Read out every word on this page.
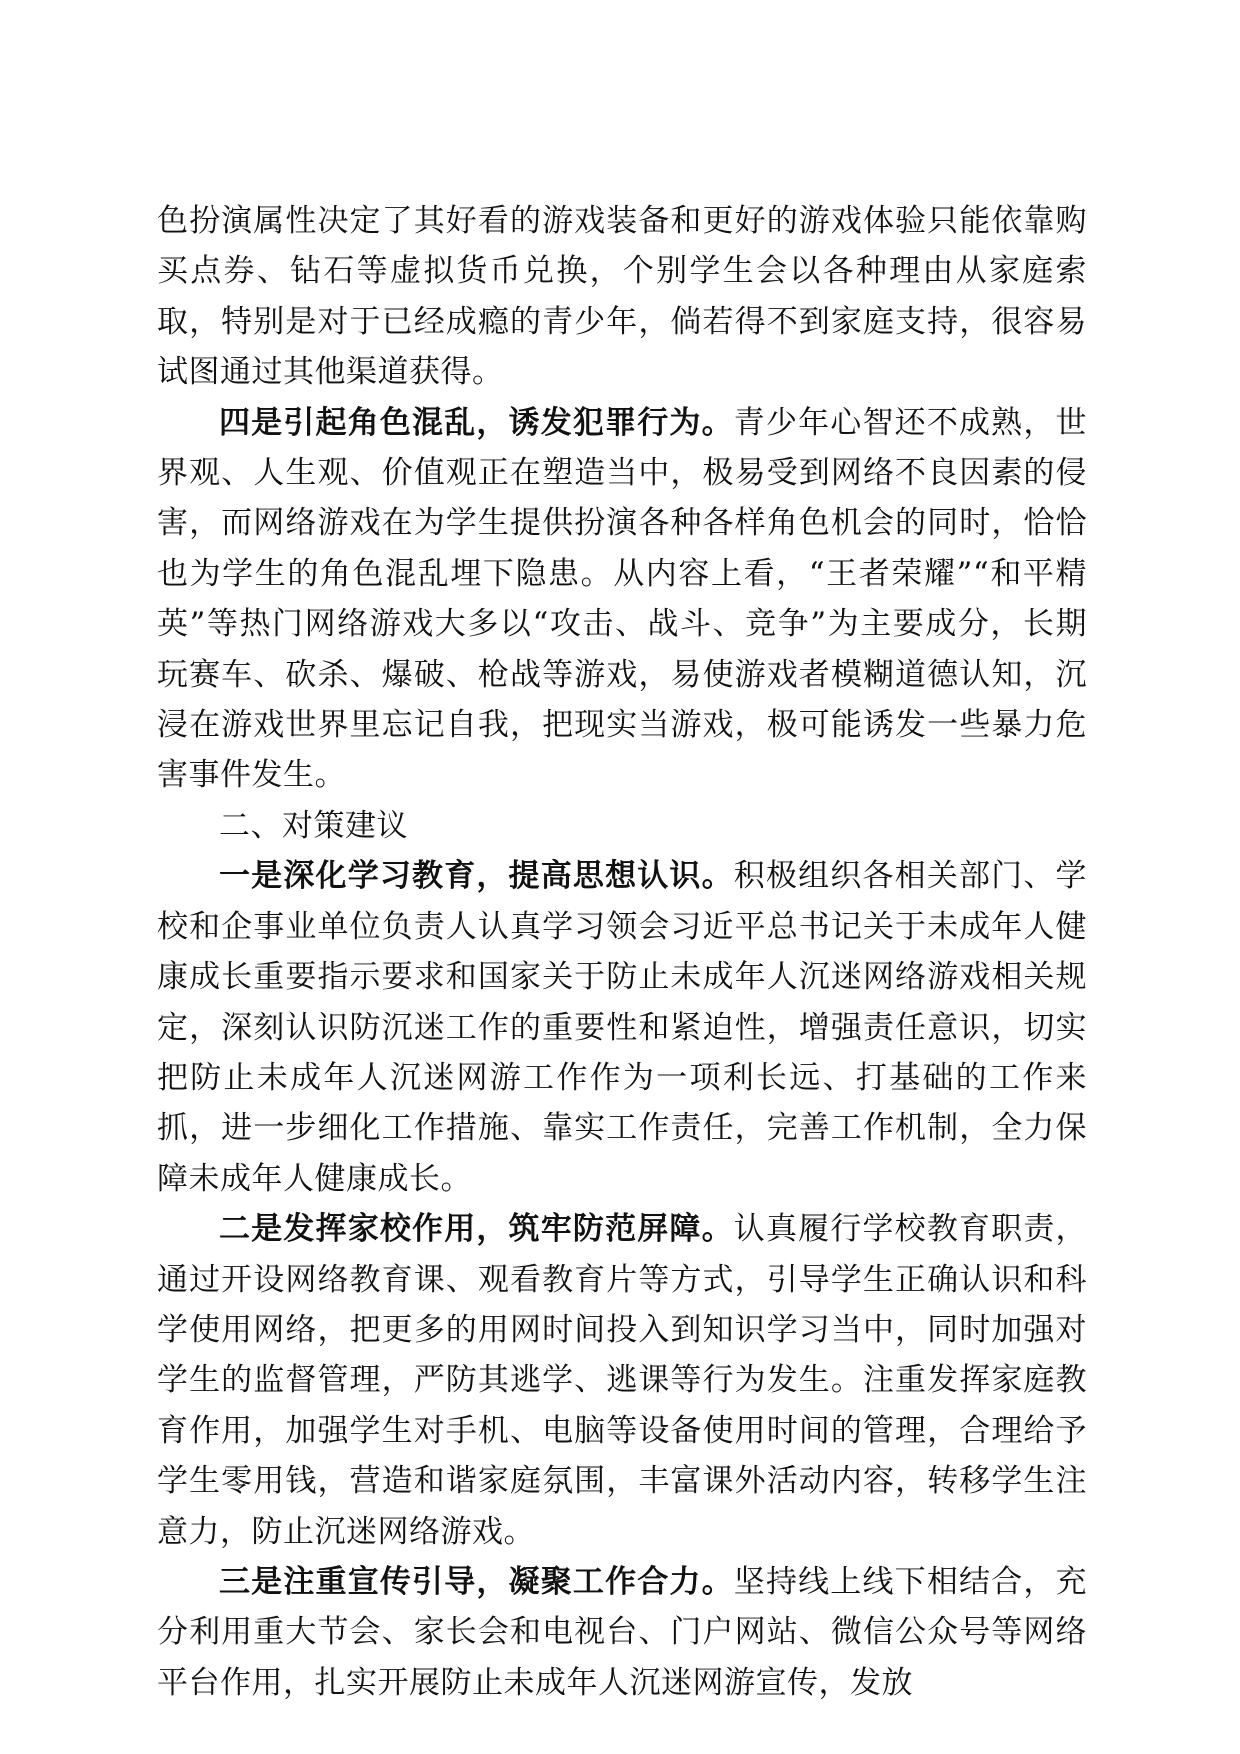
色扮演属性决定了其好看的游戏装备和更好的游戏体验只能依靠购买点券、钻石等虚拟货币兑换，个别学生会以各种理由从家庭索取，特别是对于已经成瘾的青少年，倘若得不到家庭支持，很容易试图通过其他渠道获得。

四是引起角色混乱，诱发犯罪行为。青少年心智还不成熟，世界观、人生观、价值观正在塑造当中，极易受到网络不良因素的侵害，而网络游戏在为学生提供扮演各种各样角色机会的同时，恰恰也为学生的角色混乱埋下隐患。从内容上看，“王者荣耀”“和平精英”等热门网络游戏大多以“攻击、战斗、竞争”为主要成分，长期玩赛车、砍杀、爆破、枪战等游戏，易使游戏者模糊道德认知，沉浸在游戏世界里忘记自我，把现实当游戏，极可能诱发一些暴力危害事件发生。

二、对策建议

一是深化学习教育，提高思想认识。积极组织各相关部门、学校和企事业单位负责人认真学习领会习近平总书记关于未成年人健康成长重要指示要求和国家关于防止未成年人沉迷网络游戏相关规定，深刻认识防沉迷工作的重要性和紧迫性，增强责任意识，切实把防止未成年人沉迷网游工作作为一项利长远、打基础的工作来抓，进一步细化工作措施、靠实工作责任，完善工作机制，全力保障未成年人健康成长。

二是发挥家校作用，筑牢防范屏障。认真履行学校教育职责，通过开设网络教育课、观看教育片等方式，引导学生正确认识和科学使用网络，把更多的用网时间投入到知识学习当中，同时加强对学生的监督管理，严防其逃学、逃课等行为发生。注重发挥家庭教育作用，加强学生对手机、电脑等设备使用时间的管理，合理给予学生零用钱，营造和谐家庭氛围，丰富课外活动内容，转移学生注意力，防止沉迷网络游戏。

三是注重宣传引导，凝聚工作合力。坚持线上线下相结合，充分利用重大节会、家长会和电视台、门户网站、微信公众号等网络平台作用，扎实开展防止未成年人沉迷网游宣传，发放
